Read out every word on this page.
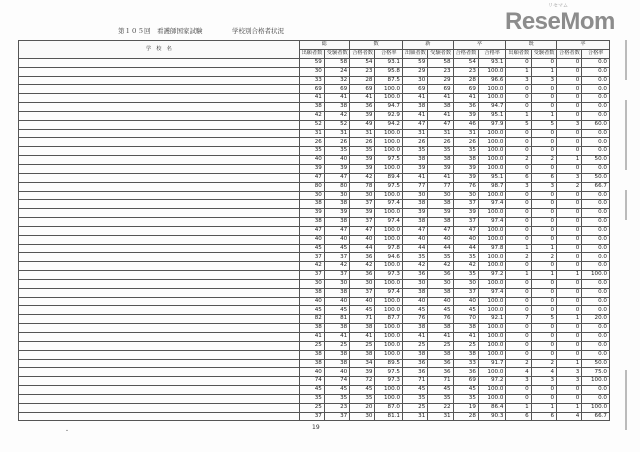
第１０５回　看護師国家試験	学校別合格者状況
リセマム
ReseMom
学　校　名	総		数		新		卒		既		卒	
	出願者数	受験者数	合格者数	合格率	出願者数	受験者数	合格者数	合格率	出願者数	受験者数	合格者数	合格率
	59	58	54	93.1	59	58	54	93.1	0	0	0	0.0
	30	24	23	95.8	29	23	23	100.0	1	1	0	0.0
	33	32	28	87.5	30	29	28	96.6	3	3	0	0.0
	69	69	69	100.0	69	69	69	100.0	0	0	0	0.0
	41	41	41	100.0	41	41	41	100.0	0	0	0	0.0
	38	38	36	94.7	38	38	36	94.7	0	0	0	0.0
	42	42	39	92.9	41	41	39	95.1	1	1	0	0.0
	52	52	49	94.2	47	47	46	97.9	5	5	3	60.0
	31	31	31	100.0	31	31	31	100.0	0	0	0	0.0
	26	26	26	100.0	26	26	26	100.0	0	0	0	0.0
	35	35	35	100.0	35	35	35	100.0	0	0	0	0.0
	40	40	39	97.5	38	38	38	100.0	2	2	1	50.0
	39	39	39	100.0	39	39	39	100.0	0	0	0	0.0
	47	47	42	89.4	41	41	39	95.1	6	6	3	50.0
	80	80	78	97.5	77	77	76	98.7	3	3	2	66.7
	30	30	30	100.0	30	30	30	100.0	0	0	0	0.0
	38	38	37	97.4	38	38	37	97.4	0	0	0	0.0
	39	39	39	100.0	39	39	39	100.0	0	0	0	0.0
	38	38	37	97.4	38	38	37	97.4	0	0	0	0.0
	47	47	47	100.0	47	47	47	100.0	0	0	0	0.0
	40	40	40	100.0	40	40	40	100.0	0	0	0	0.0
	45	45	44	97.8	44	44	44	97.8	1	1	0	0.0
	37	37	36	94.6	35	35	35	100.0	2	2	0	0.0
	42	42	42	100.0	42	42	42	100.0	0	0	0	0.0
	37	37	36	97.3	36	36	35	97.2	1	1	1	100.0
	30	30	30	100.0	30	30	30	100.0	0	0	0	0.0
	38	38	37	97.4	38	38	37	97.4	0	0	0	0.0
	40	40	40	100.0	40	40	40	100.0	0	0	0	0.0
	45	45	45	100.0	45	45	45	100.0	0	0	0	0.0
	82	81	71	87.7	76	76	70	92.1	7	5	1	20.0
	38	38	38	100.0	38	38	38	100.0	0	0	0	0.0
	41	41	41	100.0	41	41	41	100.0	0	0	0	0.0
	25	25	25	100.0	25	25	25	100.0	0	0	0	0.0
	38	38	38	100.0	38	38	38	100.0	0	0	0	0.0
	38	38	34	89.5	36	36	33	91.7	2	2	1	50.0
	40	40	39	97.5	36	36	36	100.0	4	4	3	75.0
	74	74	72	97.3	71	71	69	97.2	3	3	3	100.0
	45	45	45	100.0	45	45	45	100.0	0	0	0	0.0
	35	35	35	100.0	35	35	35	100.0	0	0	0	0.0
	25	23	20	87.0	25	22	19	86.4	1	1	1	100.0
	37	37	30	81.1	31	31	28	90.3	6	6	4	66.7
・
19
